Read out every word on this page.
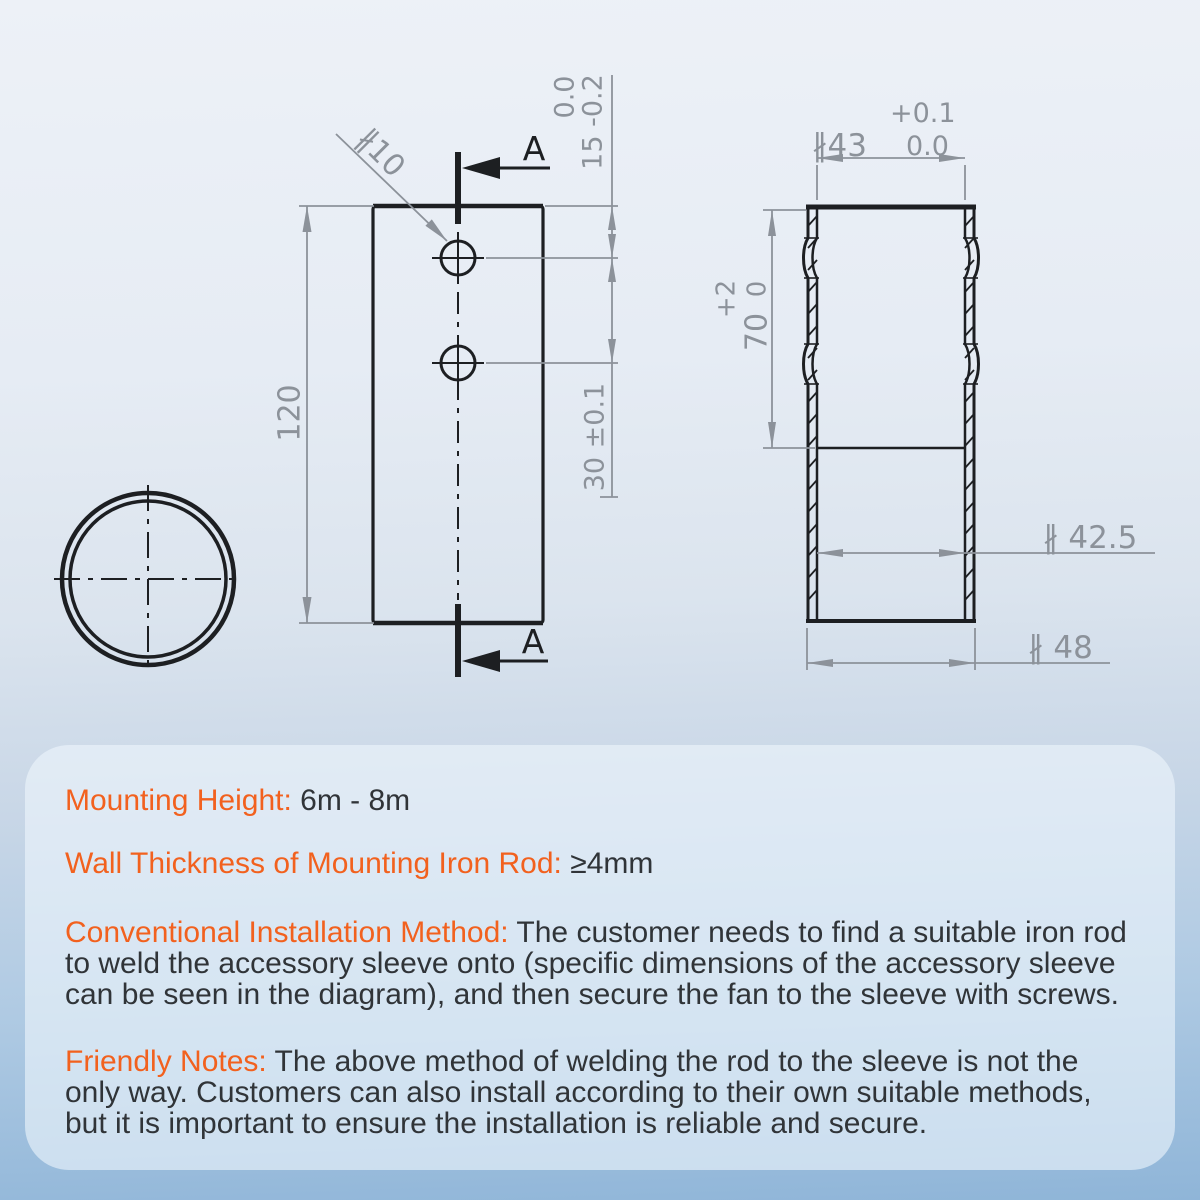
A
A
120
15 -0.2
0.0
30 ±0.1
∦10	∦43
+0.1
0.0
70
0
+2
∦ 42.5
∦ 48

Mounting Height: 6m - 8m

Wall Thickness of Mounting Iron Rod: ≥4mm

Conventional Installation Method: The customer needs to find a suitable iron rod to weld the accessory sleeve onto (specific dimensions of the accessory sleeve can be seen in the diagram), and then secure the fan to the sleeve with screws.

Friendly Notes: The above method of welding the rod to the sleeve is not the only way. Customers can also install according to their own suitable methods, but it is important to ensure the installation is reliable and secure.
